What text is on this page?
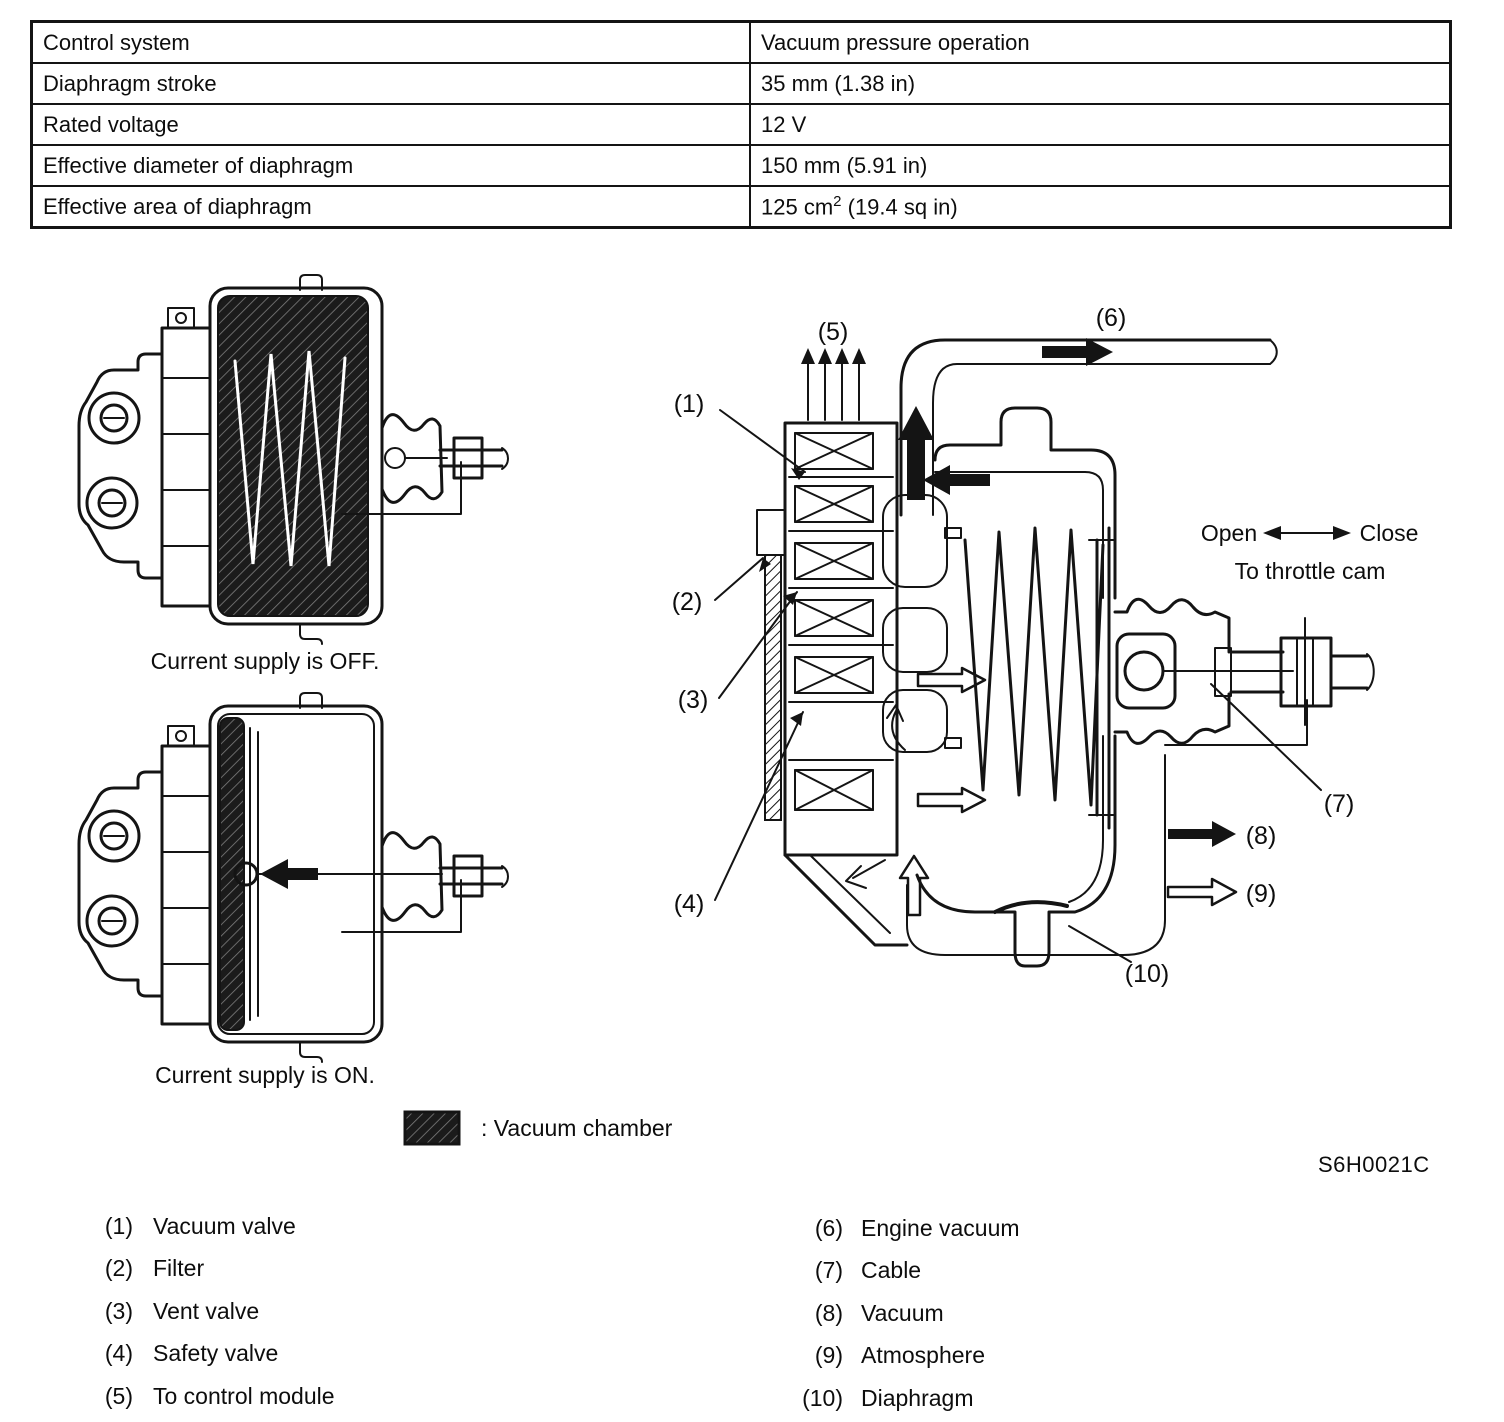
Control system	Vacuum pressure operation
Diaphragm stroke	35 mm (1.38 in)
Rated voltage	12 V
Effective diameter of diaphragm	150 mm (5.91 in)
Effective area of diaphragm	125 $cm^2$ (19.4 sq in)
Current supply is OFF.
Current supply is ON.
: Vacuum chamber
S6H0021C
(5)	(6)
Open	Close
To throttle cam
(1)
(2)
(3)
(4)
(7)
(10)
(8)
(9)
(1) Vacuum valve
(2) Filter
(3) Vent valve
(4) Safety valve
(5) To control module
(6) Engine vacuum
(7) Cable
(8) Vacuum
(9) Atmosphere
(10) Diaphragm
